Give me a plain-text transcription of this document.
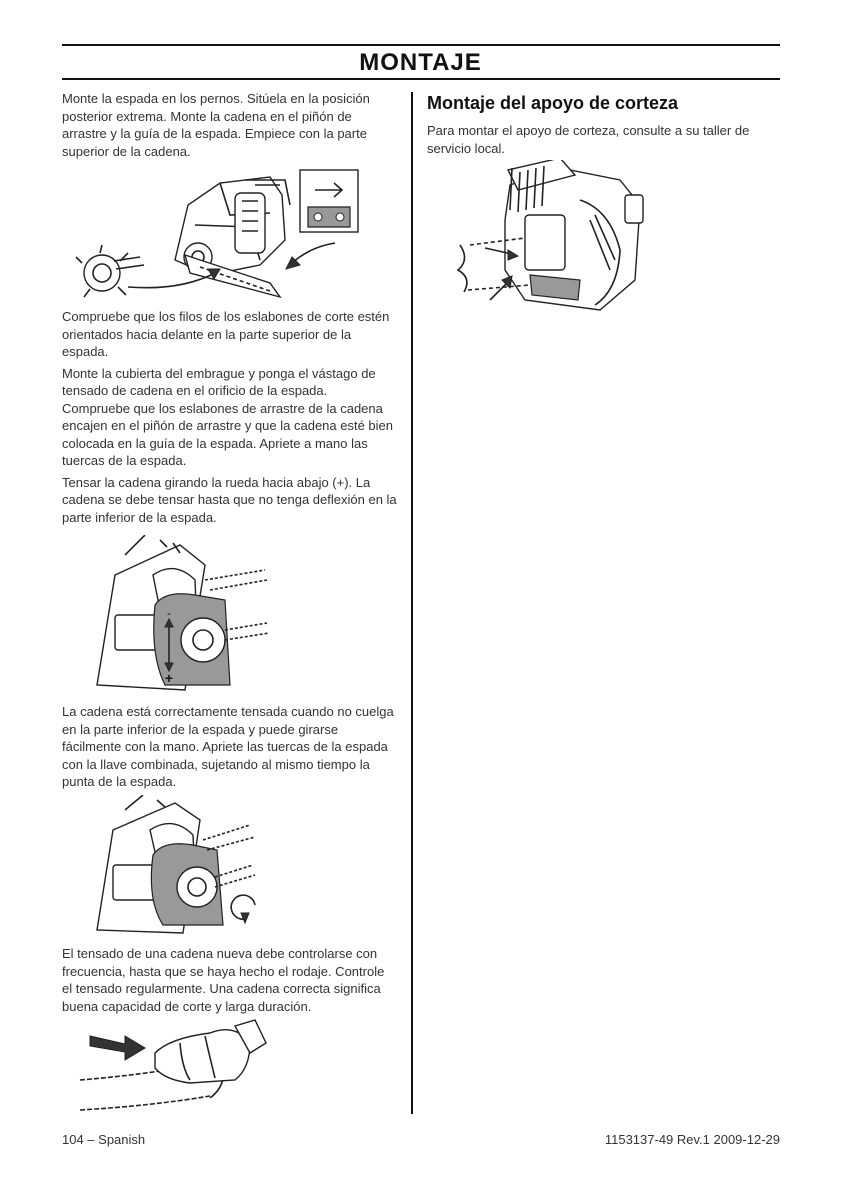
MONTAJE

Monte la espada en los pernos. Sitúela en la posición posterior extrema. Monte la cadena en el piñón de arrastre y la guía de la espada. Empiece con la parte superior de la cadena.

Compruebe que los filos de los eslabones de corte estén orientados hacia delante en la parte superior de la espada.

Monte la cubierta del embrague y ponga el vástago de tensado de cadena en el orificio de la espada. Compruebe que los eslabones de arrastre de la cadena encajen en el piñón de arrastre y que la cadena esté bien colocada en la guía de la espada. Apriete a mano las tuercas de la espada.

Tensar la cadena girando la rueda hacia abajo (+). La cadena se debe tensar hasta que no tenga deflexión en la parte inferior de la espada.

-
+

La cadena está correctamente tensada cuando no cuelga en la parte inferior de la espada y puede girarse fácilmente con la mano. Apriete las tuercas de la espada con la llave combinada, sujetando al mismo tiempo la punta de la espada.

El tensado de una cadena nueva debe controlarse con frecuencia, hasta que se haya hecho el rodaje. Controle el tensado regularmente. Una cadena correcta significa buena capacidad de corte y larga duración.

Montaje del apoyo de corteza

Para montar el apoyo de corteza, consulte a su taller de servicio local.

104 – Spanish	1153137-49 Rev.1 2009-12-29
